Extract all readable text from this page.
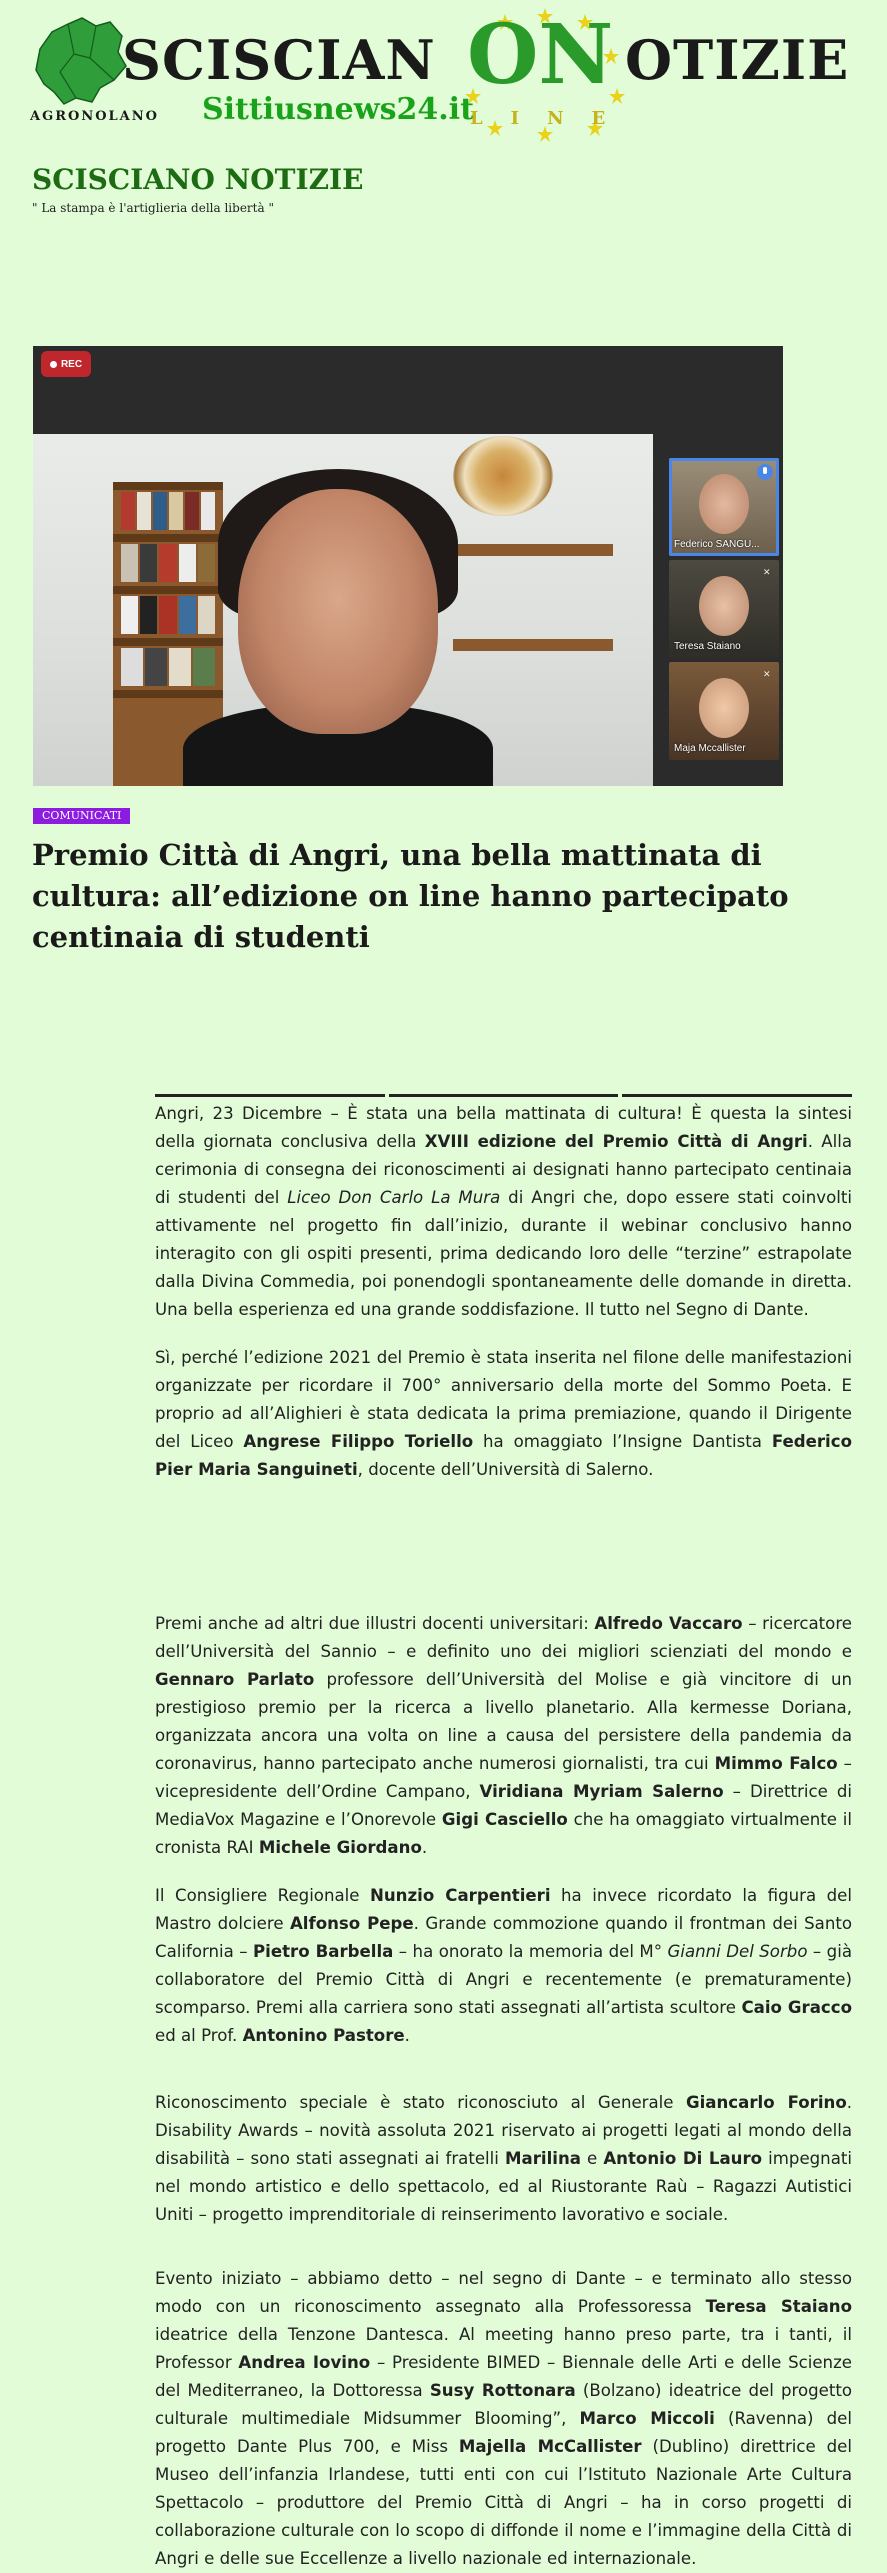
SCISCIAN ON OTIZIE
AGRONOLANO Sittiusnews24.it
LINE
SCISCIANO NOTIZIE

" La stampa è l'artiglieria della libertà "

REC
Federico SANGU...
✕
Teresa Staiano
✕
Maja Mccallister
COMUNICATI
Premio Città di Angri, una bella mattinata di cultura: all’edizione on line hanno partecipato centinaia di studenti

Angri, 23 Dicembre – È stata una bella mattinata di cultura! È questa la sintesi della giornata conclusiva della XVIII edizione del Premio Città di Angri. Alla cerimonia di consegna dei riconoscimenti ai designati hanno partecipato centinaia di studenti del Liceo Don Carlo La Mura di Angri che, dopo essere stati coinvolti attivamente nel progetto fin dall’inizio, durante il webinar conclusivo hanno interagito con gli ospiti presenti, prima dedicando loro delle “terzine” estrapolate dalla Divina Commedia, poi ponendogli spontaneamente delle domande in diretta. Una bella esperienza ed una grande soddisfazione. Il tutto nel Segno di Dante.

Sì, perché l’edizione 2021 del Premio è stata inserita nel filone delle manifestazioni organizzate per ricordare il 700° anniversario della morte del Sommo Poeta. E proprio ad all’Alighieri è stata dedicata la prima premiazione, quando il Dirigente del Liceo Angrese Filippo Toriello ha omaggiato l’Insigne Dantista Federico Pier Maria Sanguineti, docente dell’Università di Salerno.

Premi anche ad altri due illustri docenti universitari: Alfredo Vaccaro – ricercatore dell’Università del Sannio – e definito uno dei migliori scienziati del mondo e Gennaro Parlato professore dell’Università del Molise e già vincitore di un prestigioso premio per la ricerca a livello planetario. Alla kermesse Doriana, organizzata ancora una volta on line a causa del persistere della pandemia da coronavirus, hanno partecipato anche numerosi giornalisti, tra cui Mimmo Falco – vicepresidente dell’Ordine Campano, Viridiana Myriam Salerno – Direttrice di MediaVox Magazine e l’Onorevole Gigi Casciello che ha omaggiato virtualmente il cronista RAI Michele Giordano.

Il Consigliere Regionale Nunzio Carpentieri ha invece ricordato la figura del Mastro dolciere Alfonso Pepe. Grande commozione quando il frontman dei Santo California – Pietro Barbella – ha onorato la memoria del M° Gianni Del Sorbo – già collaboratore del Premio Città di Angri e recentemente (e prematuramente) scomparso. Premi alla carriera sono stati assegnati all’artista scultore Caio Gracco ed al Prof. Antonino Pastore.

Riconoscimento speciale è stato riconosciuto al Generale Giancarlo Forino. Disability Awards – novità assoluta 2021 riservato ai progetti legati al mondo della disabilità – sono stati assegnati ai fratelli Marilina e Antonio Di Lauro impegnati nel mondo artistico e dello spettacolo, ed al Riustorante Raù – Ragazzi Autistici Uniti – progetto imprenditoriale di reinserimento lavorativo e sociale.

Evento iniziato – abbiamo detto – nel segno di Dante – e terminato allo stesso modo con un riconoscimento assegnato alla Professoressa Teresa Staiano ideatrice della Tenzone Dantesca. Al meeting hanno preso parte, tra i tanti, il Professor Andrea Iovino – Presidente BIMED – Biennale delle Arti e delle Scienze del Mediterraneo, la Dottoressa Susy Rottonara (Bolzano) ideatrice del progetto culturale multimediale Midsummer Blooming”, Marco Miccoli (Ravenna) del progetto Dante Plus 700, e Miss Majella McCallister (Dublino) direttrice del Museo dell’infanzia Irlandese, tutti enti con cui l’Istituto Nazionale Arte Cultura Spettacolo – produttore del Premio Città di Angri – ha in corso progetti di collaborazione culturale con lo scopo di diffonde il nome e l’immagine della Città di Angri e delle sue Eccellenze a livello nazionale ed internazionale.
